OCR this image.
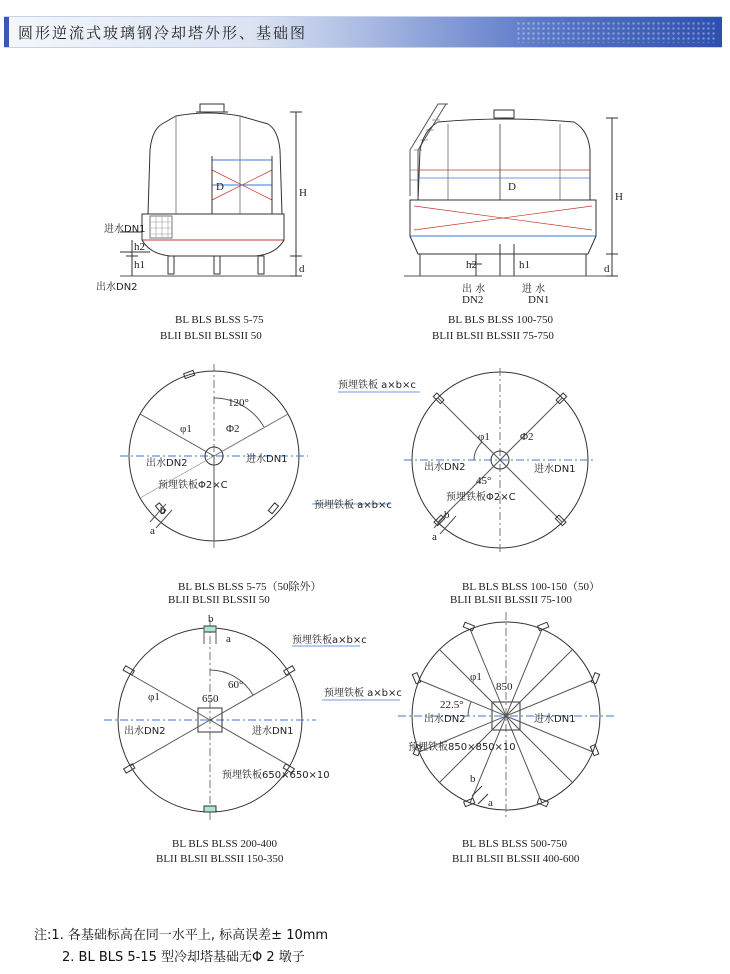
圆形逆流式玻璃钢冷却塔外形、基础图
进水DN1
出水DN2
D	H
h1
h2
d
出 水
DN2
进 水
DN1
D
H
h1
h2	d
120°
φ1	Φ2
出水DN2	进水DN1
预埋铁板Φ2×C
预埋铁板 a×b×c
a
b
预埋铁板 a×b×c
φ1	Φ2
出水DN2	进水DN1
45°
预埋铁板Φ2×C
a
b
b
a	预埋铁板a×b×c
60°
φ1	650
出水DN2	进水DN1
预埋铁板650×650×10
预埋铁板 a×b×c
φ1
850
22.5°
出水DN2	进水DN1
预埋铁板850×850×10
b
a
BL BLS BLSS 5-75
BLII BLSII BLSSII 50
BL BLS BLSS 100-750
BLII BLSII BLSSII 75-750
BL BLS BLSS 5-75（50除外）
BLII BLSII BLSSII 50
BL BLS BLSS 100-150（50）
BLII BLSII BLSSII 75-100
BL BLS BLSS 200-400
BLII BLSII BLSSII 150-350
BL BLS BLSS 500-750
BLII BLSII BLSSII 400-600
注:1. 各基础标高在同一水平上, 标高误差± 10mm
2. BL BLS 5-15 型冷却塔基础无Φ 2 墩子
